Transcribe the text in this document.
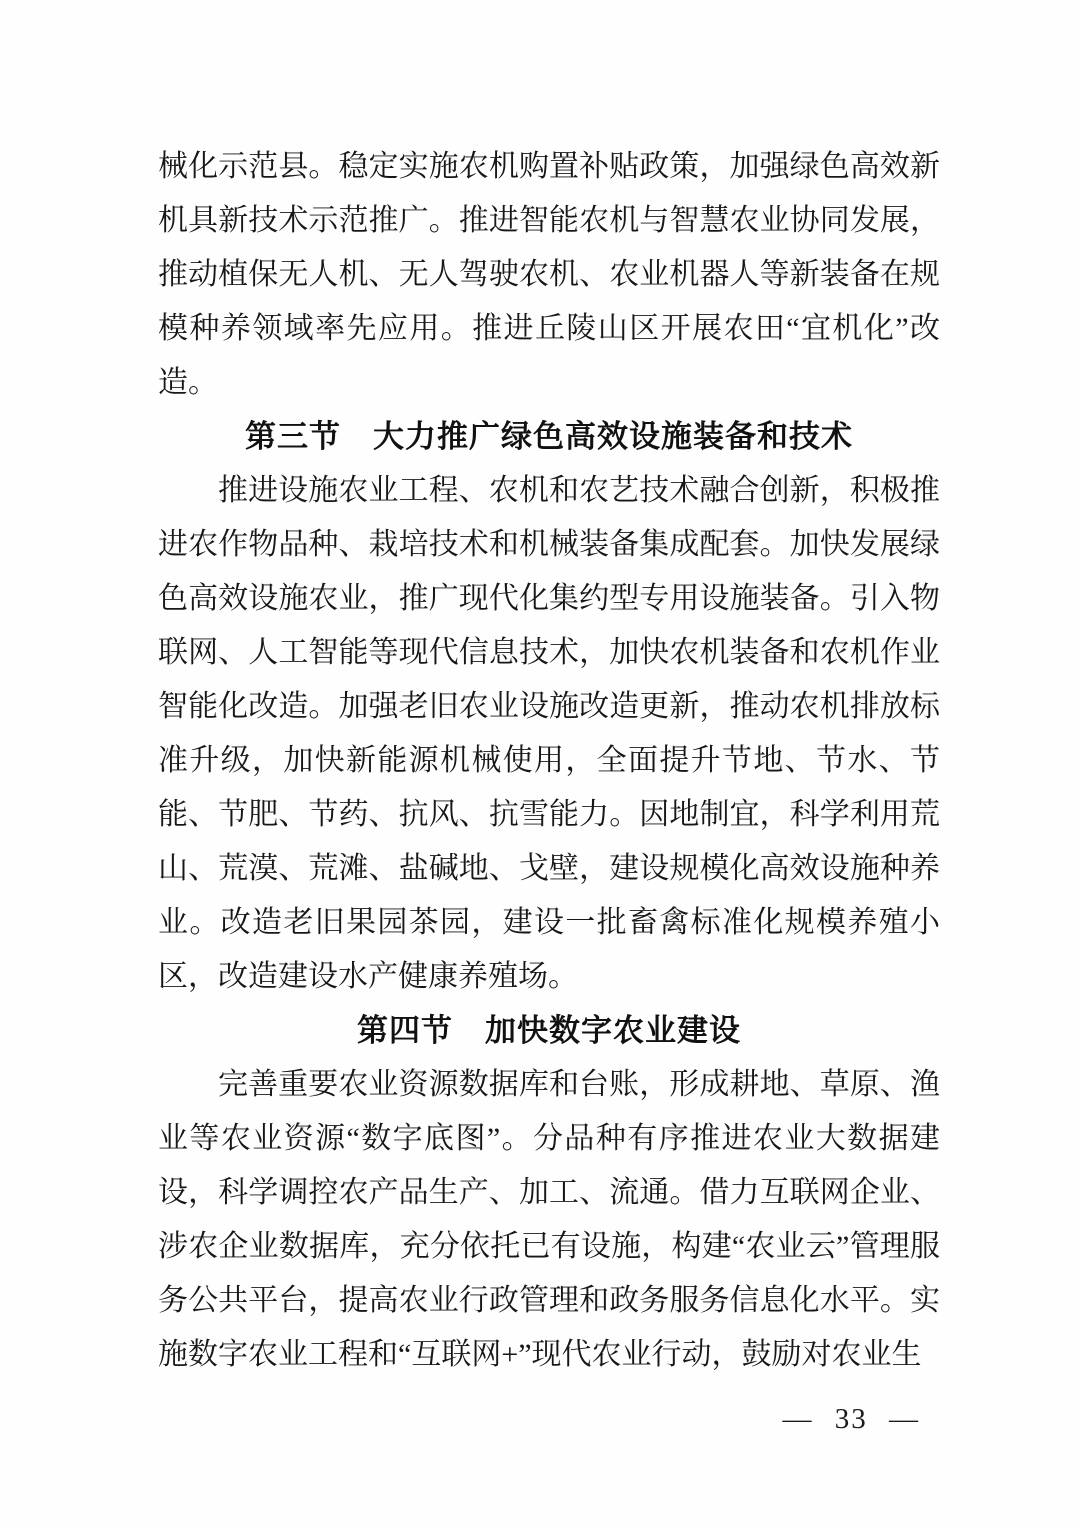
械化示范县。稳定实施农机购置补贴政策，加强绿色高效新机具新技术示范推广。推进智能农机与智慧农业协同发展，推动植保无人机、无人驾驶农机、农业机器人等新装备在规模种养领域率先应用。推进丘陵山区开展农田“宜机化”改造。

第三节　大力推广绿色高效设施装备和技术

推进设施农业工程、农机和农艺技术融合创新，积极推进农作物品种、栽培技术和机械装备集成配套。加快发展绿色高效设施农业，推广现代化集约型专用设施装备。引入物联网、人工智能等现代信息技术，加快农机装备和农机作业智能化改造。加强老旧农业设施改造更新，推动农机排放标准升级，加快新能源机械使用，全面提升节地、节水、节能、节肥、节药、抗风、抗雪能力。因地制宜，科学利用荒山、荒漠、荒滩、盐碱地、戈壁，建设规模化高效设施种养业。改造老旧果园茶园，建设一批畜禽标准化规模养殖小区，改造建设水产健康养殖场。

第四节　加快数字农业建设

完善重要农业资源数据库和台账，形成耕地、草原、渔业等农业资源“数字底图”。分品种有序推进农业大数据建设，科学调控农产品生产、加工、流通。借力互联网企业、涉农企业数据库，充分依托已有设施，构建“农业云”管理服务公共平台，提高农业行政管理和政务服务信息化水平。实施数字农业工程和“互联网+”现代农业行动，鼓励对农业生

— 33 —
